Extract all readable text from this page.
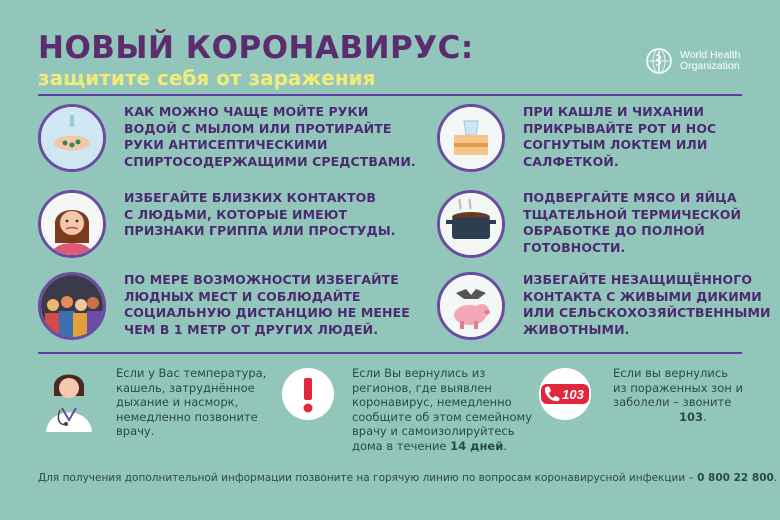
НОВЫЙ КОРОНАВИРУС:
защитите себя от заражения
World Health
Organization
КАК МОЖНО ЧАЩЕ МОЙТЕ РУКИ
ВОДОЙ С МЫЛОМ ИЛИ ПРОТИРАЙТЕ
РУКИ АНТИСЕПТИЧЕСКИМИ
СПИРТОСОДЕРЖАЩИМИ СРЕДСТВАМИ.
ПРИ КАШЛЕ И ЧИХАНИИ
ПРИКРЫВАЙТЕ РОТ И НОС
СОГНУТЫМ ЛОКТЕМ ИЛИ
САЛФЕТКОЙ.
ИЗБЕГАЙТЕ БЛИЗКИХ КОНТАКТОВ
С ЛЮДЬМИ, КОТОРЫЕ ИМЕЮТ
ПРИЗНАКИ ГРИППА ИЛИ ПРОСТУДЫ.
ПОДВЕРГАЙТЕ МЯСО И ЯЙЦА
ТЩАТЕЛЬНОЙ ТЕРМИЧЕСКОЙ
ОБРАБОТКЕ ДО ПОЛНОЙ
ГОТОВНОСТИ.
ПО МЕРЕ ВОЗМОЖНОСТИ ИЗБЕГАЙТЕ
ЛЮДНЫХ МЕСТ И СОБЛЮДАЙТЕ
СОЦИАЛЬНУЮ ДИСТАНЦИЮ НЕ МЕНЕЕ
ЧЕМ В 1 МЕТР ОТ ДРУГИХ ЛЮДЕЙ.
ИЗБЕГАЙТЕ НЕЗАЩИЩЁННОГО
КОНТАКТА С ЖИВЫМИ ДИКИМИ
ИЛИ СЕЛЬСКОХОЗЯЙСТВЕННЫМИ
ЖИВОТНЫМИ.
Если у Вас температура,
кашель, затруднённое
дыхание и насморк,
немедленно позвоните
врачу.
Если Вы вернулись из
регионов, где выявлен
коронавирус, немедленно
сообщите об этом семейному
врачу и самоизолируйтесь
дома в течение 14 дней.
103
Если вы вернулись
из пораженных зон и
заболели – звоните
103.
Для получения дополнительной информации позвоните на горячую линию по вопросам коронавирусной инфекции – 0 800 22 800.
